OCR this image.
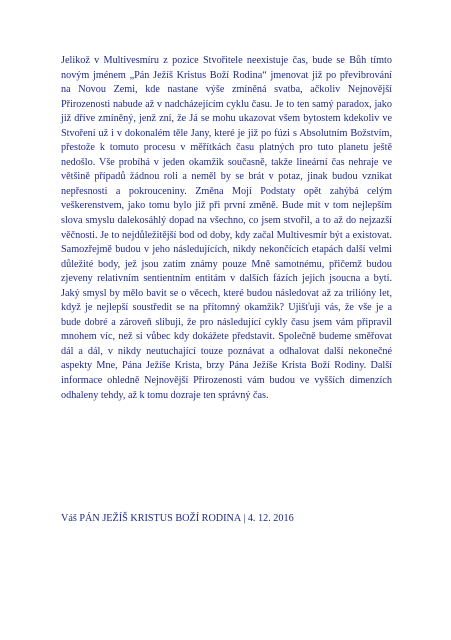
Jelikož v Multivesmíru z pozice Stvořitele neexistuje čas, bude se Bůh tímto novým jménem „Pán Ježíš Kristus Boží Rodina“ jmenovat již po převibrování na Novou Zemi, kde nastane výše zmíněná svatba, ačkoliv Nejnovější Přirozenosti nabude až v nadcházejícím cyklu času. Je to ten samý paradox, jako již dříve zmíněný, jenž zní, že Já se mohu ukazovat všem bytostem kdekoliv ve Stvoření už i v dokonalém těle Jany, které je již po fúzi s Absolutním Božstvím, přestože k tomuto procesu v měřítkách času platných pro tuto planetu ještě nedošlo. Vše probíhá v jeden okamžik současně, takže lineární čas nehraje ve většině případů žádnou roli a neměl by se brát v potaz, jinak budou vznikat nepřesnosti a pokrouceniny. Změna Mojí Podstaty opět zahýbá celým veškerenstvem, jako tomu bylo již při první změně. Bude mít v tom nejlepším slova smyslu dalekosáhlý dopad na všechno, co jsem stvořil, a to až do nejzazší věčnosti. Je to nejdůležitější bod od doby, kdy začal Multivesmír být a existovat. Samozřejmě budou v jeho následujících, nikdy nekončících etapách další velmi důležité body, jež jsou zatím známy pouze Mně samotnému, přičemž budou zjeveny relativním sentientním entitám v dalších fázích jejich jsoucna a bytí. Jaký smysl by mělo bavit se o věcech, které budou následovat až za trilióny let, když je nejlepší soustředit se na přítomný okamžik? Ujišťuji vás, že vše je a bude dobré a zároveň slibuji, že pro následující cykly času jsem vám připravil mnohem víc, než si vůbec kdy dokážete představit. Společně budeme směřovat dál a dál, v nikdy neutuchající touze poznávat a odhalovat další nekonečné aspekty Mne, Pána Ježíše Krista, brzy Pána Ježíše Krista Boží Rodiny. Další informace ohledně Nejnovější Přirozenosti vám budou ve vyšších dimenzích odhaleny tehdy, až k tomu dozraje ten správný čas.

Váš PÁN JEŽÍŠ KRISTUS BOŽÍ RODINA | 4. 12. 2016
